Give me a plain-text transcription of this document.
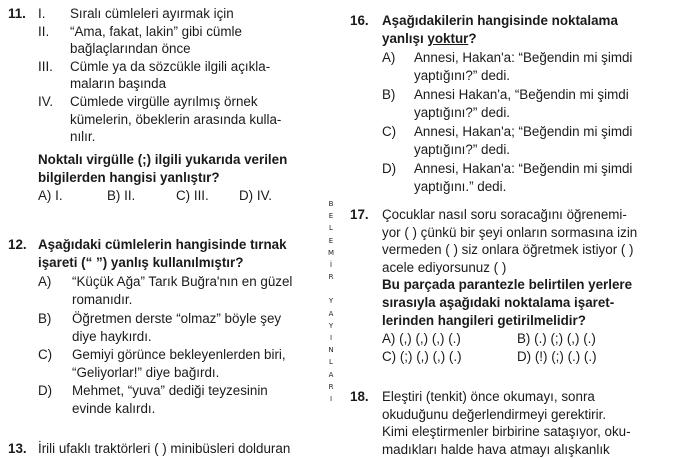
11. I. Sıralı cümleleri ayırmak için
II. “Ama, fakat, lakin” gibi cümle
bağlaçlarından önce
III. Cümle ya da sözcükle ilgili açıkla-
maların başında
IV. Cümlede virgülle ayrılmış örnek
kümelerin, öbeklerin arasında kulla-
nılır.
Noktalı virgülle (;) ilgili yukarıda verilen
bilgilerden hangisi yanlıştır?
A) I.	B) II.	C) III. D) IV.
12. Aşağıdaki cümlelerin hangisinde tırnak
işareti (“ ”) yanlış kullanılmıştır?
A) “Küçük Ağa” Tarık Buğra'nın en güzel
romanıdır.
B) Öğretmen derste “olmaz” böyle şey
diye haykırdı.
C) Gemiyi görünce bekleyenlerden biri,
“Geliyorlar!” diye bağırdı.
D) Mehmet, “yuva” dediği teyzesinin
evinde kalırdı.
13. İrili ufaklı traktörleri ( ) minibüsleri dolduran
B
E
L
E
M
İ
R
Y
A
Y
I
N
L
A
R
I
16. Aşağıdakilerin hangisinde noktalama
yanlışı yoktur?
A) Annesi, Hakan'a: “Beğendin mi şimdi
yaptığını?” dedi.
B) Annesi Hakan'a, “Beğendin mi şimdi
yaptığını?” dedi.
C) Annesi, Hakan'a; “Beğendin mi şimdi
yaptığını?” dedi.
D) Annesi, Hakan'a: “Beğendin mi şimdi
yaptığını.” dedi.
17. Çocuklar nasıl soru soracağını öğrenemi-
yor ( ) çünkü bir şeyi onların sormasına izin
vermeden ( ) siz onlara öğretmek istiyor ( )
acele ediyorsunuz ( )
Bu parçada parantezle belirtilen yerlere
sırasıyla aşağıdaki noktalama işaret-
lerinden hangileri getirilmelidir?
A) (,) (,) (,) (.)	B) (.) (;) (,) (.)
C) (;) (,) (,) (.)	D) (!) (;) (.) (.)
18. Eleştiri (tenkit) önce okumayı, sonra
okuduğunu değerlendirmeyi gerektirir.
Kimi eleştirmenler birbirine sataşıyor, oku-
madıkları halde hava atmayı alışkanlık
